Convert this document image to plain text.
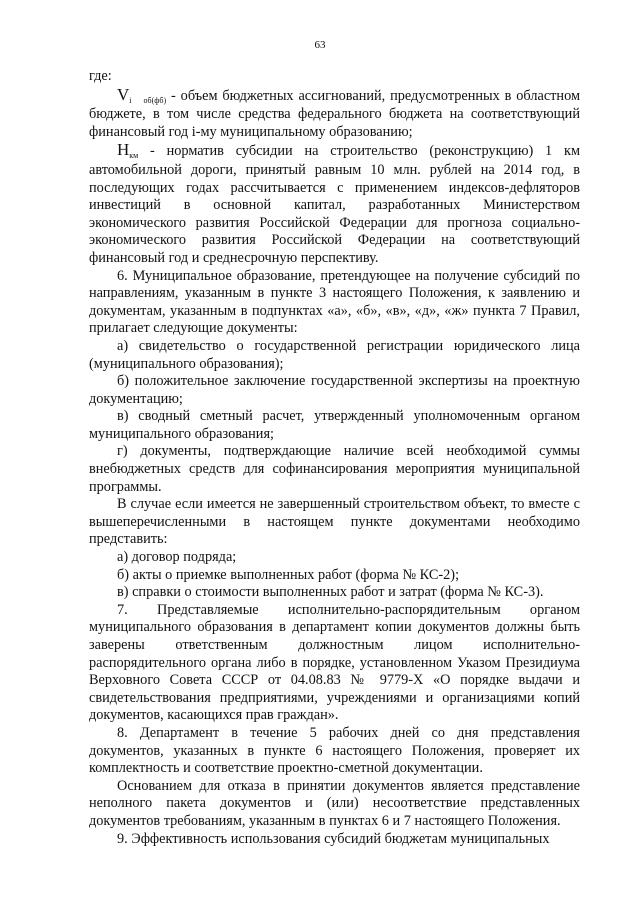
63

где:

$V_i$ $_{об(фб)}$ - объем бюджетных ассигнований, предусмотренных в областном бюджете, в том числе средства федерального бюджета на соответствующий финансовый год i-му муниципальному образованию;

$Н_{км}$ - норматив субсидии на строительство (реконструкцию) 1 км автомобильной дороги, принятый равным 10 млн. рублей на 2014 год, в последующих годах рассчитывается с применением индексов-дефляторов инвестиций в основной капитал, разработанных Министерством экономического развития Российской Федерации для прогноза социально-экономического развития Российской Федерации на соответствующий финансовый год и среднесрочную перспективу.

6. Муниципальное образование, претендующее на получение субсидий по направлениям, указанным в пункте 3 настоящего Положения, к заявлению и документам, указанным в подпунктах «а», «б», «в», «д», «ж» пункта 7 Правил, прилагает следующие документы:

а) свидетельство о государственной регистрации юридического лица (муниципального образования);

б) положительное заключение государственной экспертизы на проектную документацию;

в) сводный сметный расчет, утвержденный уполномоченным органом муниципального образования;

г) документы, подтверждающие наличие всей необходимой суммы внебюджетных средств для софинансирования мероприятия муниципальной программы.

В случае если имеется не завершенный строительством объект, то вместе с вышеперечисленными в настоящем пункте документами необходимо представить:

а) договор подряда;

б) акты о приемке выполненных работ (форма № КС-2);

в) справки о стоимости выполненных работ и затрат (форма № КС-3).

7. Представляемые исполнительно-распорядительным органом муниципального образования в департамент копии документов должны быть заверены ответственным должностным лицом исполнительно-распорядительного органа либо в порядке, установленном Указом Президиума Верховного Совета СССР от 04.08.83 № 9779-X «О порядке выдачи и свидетельствования предприятиями, учреждениями и организациями копий документов, касающихся прав граждан».

8. Департамент в течение 5 рабочих дней со дня представления документов, указанных в пункте 6 настоящего Положения, проверяет их комплектность и соответствие проектно-сметной документации.

Основанием для отказа в принятии документов является представление неполного пакета документов и (или) несоответствие представленных документов требованиям, указанным в пунктах 6 и 7 настоящего Положения.

9. Эффективность использования субсидий бюджетам муниципальных
